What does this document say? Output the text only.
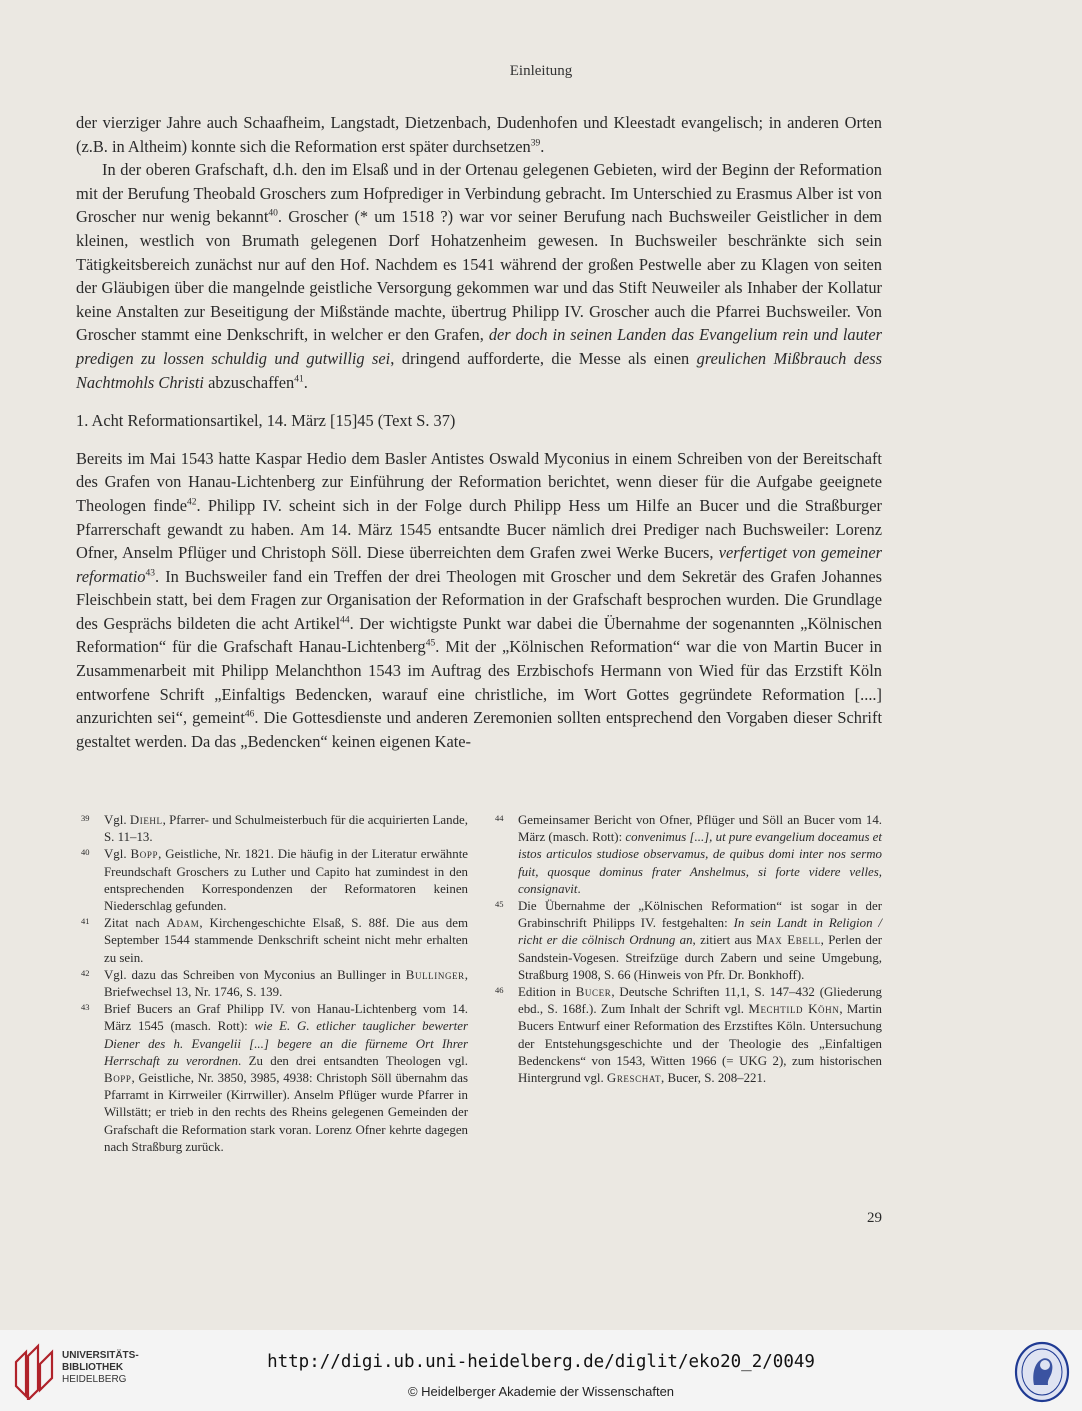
Einleitung

der vierziger Jahre auch Schaafheim, Langstadt, Dietzenbach, Dudenhofen und Kleestadt evangelisch; in anderen Orten (z.B. in Altheim) konnte sich die Reformation erst später durchsetzen$^{39}$.

In der oberen Grafschaft, d.h. den im Elsaß und in der Ortenau gelegenen Gebieten, wird der Beginn der Reformation mit der Berufung Theobald Groschers zum Hofprediger in Verbindung gebracht. Im Unterschied zu Erasmus Alber ist von Groscher nur wenig bekannt$^{40}$. Groscher (* um 1518 ?) war vor seiner Berufung nach Buchsweiler Geistlicher in dem kleinen, westlich von Brumath gelegenen Dorf Hohatzenheim gewesen. In Buchsweiler beschränkte sich sein Tätigkeitsbereich zunächst nur auf den Hof. Nachdem es 1541 während der großen Pestwelle aber zu Klagen von seiten der Gläubigen über die mangelnde geistliche Versorgung gekommen war und das Stift Neuweiler als Inhaber der Kollatur keine Anstalten zur Beseitigung der Mißstände machte, übertrug Philipp IV. Groscher auch die Pfarrei Buchsweiler. Von Groscher stammt eine Denkschrift, in welcher er den Grafen, der doch in seinen Landen das Evangelium rein und lauter predigen zu lossen schuldig und gutwillig sei, dringend aufforderte, die Messe als einen greulichen Mißbrauch dess Nachtmohls Christi abzuschaffen$^{41}$.

1. Acht Reformationsartikel, 14. März [15]45 (Text S. 37)

Bereits im Mai 1543 hatte Kaspar Hedio dem Basler Antistes Oswald Myconius in einem Schreiben von der Bereitschaft des Grafen von Hanau-Lichtenberg zur Einführung der Reformation berichtet, wenn dieser für die Aufgabe geeignete Theologen finde$^{42}$. Philipp IV. scheint sich in der Folge durch Philipp Hess um Hilfe an Bucer und die Straßburger Pfarrerschaft gewandt zu haben. Am 14. März 1545 entsandte Bucer nämlich drei Prediger nach Buchsweiler: Lorenz Ofner, Anselm Pflüger und Christoph Söll. Diese überreichten dem Grafen zwei Werke Bucers, verfertiget von gemeiner reformatio$^{43}$. In Buchsweiler fand ein Treffen der drei Theologen mit Groscher und dem Sekretär des Grafen Johannes Fleischbein statt, bei dem Fragen zur Organisation der Reformation in der Grafschaft besprochen wurden. Die Grundlage des Gesprächs bildeten die acht Artikel$^{44}$. Der wichtigste Punkt war dabei die Übernahme der sogenannten „Kölnischen Reformation“ für die Grafschaft Hanau-Lichtenberg$^{45}$. Mit der „Kölnischen Reformation“ war die von Martin Bucer in Zusammenarbeit mit Philipp Melanchthon 1543 im Auftrag des Erzbischofs Hermann von Wied für das Erzstift Köln entworfene Schrift „Einfaltigs Bedencken, warauf eine christliche, im Wort Gottes gegründete Reformation [....] anzurichten sei“, gemeint$^{46}$. Die Gottesdienste und anderen Zeremonien sollten entsprechend den Vorgaben dieser Schrift gestaltet werden. Da das „Bedencken“ keinen eigenen Kate-

39 Vgl. Diehl, Pfarrer- und Schulmeisterbuch für die acquirierten Lande, S. 11–13.

40 Vgl. Bopp, Geistliche, Nr. 1821. Die häufig in der Literatur erwähnte Freundschaft Groschers zu Luther und Capito hat zumindest in den entsprechenden Korrespondenzen der Reformatoren keinen Niederschlag gefunden.

41 Zitat nach Adam, Kirchengeschichte Elsaß, S. 88f. Die aus dem September 1544 stammende Denkschrift scheint nicht mehr erhalten zu sein.

42 Vgl. dazu das Schreiben von Myconius an Bullinger in Bullinger, Briefwechsel 13, Nr. 1746, S. 139.

43 Brief Bucers an Graf Philipp IV. von Hanau-Lichtenberg vom 14. März 1545 (masch. Rott): wie E. G. etlicher tauglicher bewerter Diener des h. Evangelii [...] begere an die fürneme Ort Ihrer Herrschaft zu verordnen. Zu den drei entsandten Theologen vgl. Bopp, Geistliche, Nr. 3850, 3985, 4938: Christoph Söll übernahm das Pfarramt in Kirrweiler (Kirrwiller). Anselm Pflüger wurde Pfarrer in Willstätt; er trieb in den rechts des Rheins gelegenen Gemeinden der Grafschaft die Reformation stark voran. Lorenz Ofner kehrte dagegen nach Straßburg zurück.

44 Gemeinsamer Bericht von Ofner, Pflüger und Söll an Bucer vom 14. März (masch. Rott): convenimus [...], ut pure evangelium doceamus et istos articulos studiose observamus, de quibus domi inter nos sermo fuit, quosque dominus frater Anshelmus, si forte videre velles, consignavit.

45 Die Übernahme der „Kölnischen Reformation“ ist sogar in der Grabinschrift Philipps IV. festgehalten: In sein Landt in Religion / richt er die cölnisch Ordnung an, zitiert aus Max Ebell, Perlen der Sandstein-Vogesen. Streifzüge durch Zabern und seine Umgebung, Straßburg 1908, S. 66 (Hinweis von Pfr. Dr. Bonkhoff).

46 Edition in Bucer, Deutsche Schriften 11,1, S. 147–432 (Gliederung ebd., S. 168f.). Zum Inhalt der Schrift vgl. Mechtild Köhn, Martin Bucers Entwurf einer Reformation des Erzstiftes Köln. Untersuchung der Entstehungsgeschichte und der Theologie des „Einfaltigen Bedenckens“ von 1543, Witten 1966 (= UKG 2), zum historischen Hintergrund vgl. Greschat, Bucer, S. 208–221.

29
UNIVERSITÄTS-
BIBLIOTHEK
HEIDELBERG
http://digi.ub.uni-heidelberg.de/diglit/eko20_2/0049
© Heidelberger Akademie der Wissenschaften
